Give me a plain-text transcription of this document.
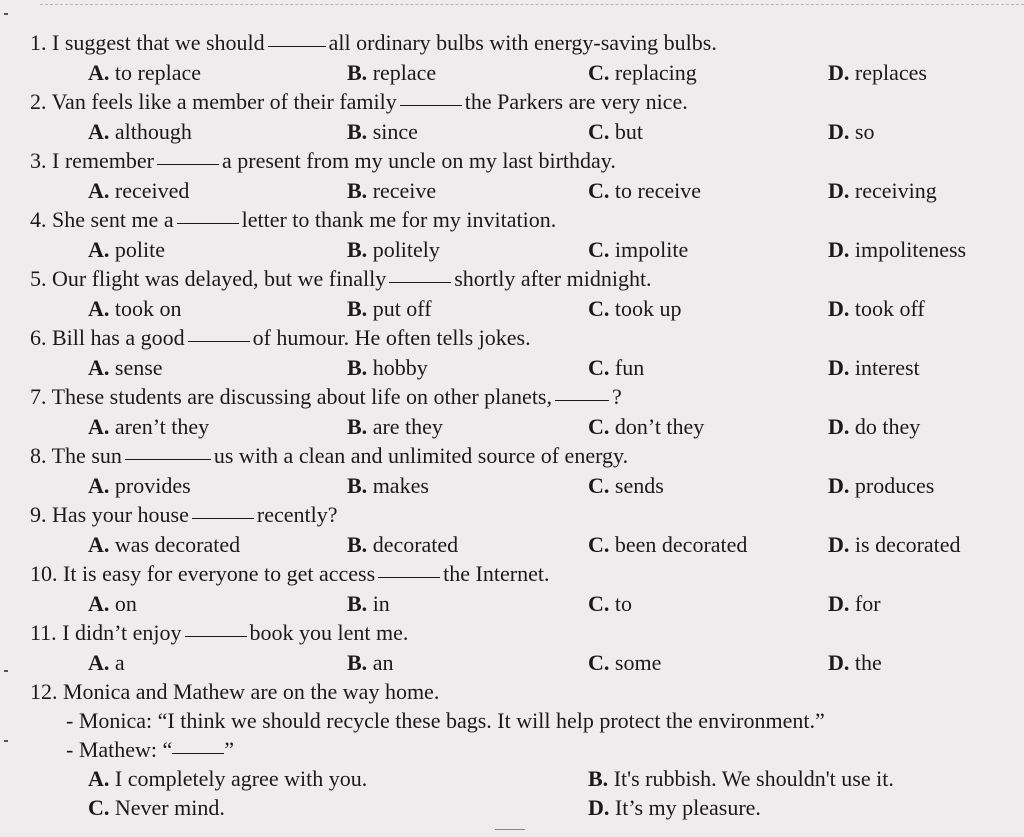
1. I suggest that we should	all ordinary bulbs with energy-saving bulbs.
A. to replace	B. replace	C. replacing	D. replaces
2. Van feels like a member of their family	the Parkers are very nice.
A. although	B. since	C. but	D. so
3. I remember	a present from my uncle on my last birthday.
A. received	B. receive	C. to receive	D. receiving
4. She sent me a	letter to thank me for my invitation.
A. polite	B. politely	C. impolite	D. impoliteness
5. Our flight was delayed, but we finally	shortly after midnight.
A. took on	B. put off	C. took up	D. took off
6. Bill has a good	of humour. He often tells jokes.
A. sense	B. hobby	C. fun	D. interest
7. These students are discussing about life on other planets,	?
A. aren’t they	B. are they	C. don’t they	D. do they
8. The sun	us with a clean and unlimited source of energy.
A. provides	B. makes	C. sends	D. produces
9. Has your house	recently?
A. was decorated	B. decorated	C. been decorated	D. is decorated
10. It is easy for everyone to get access	the Internet.
A. on	B. in	C. to	D. for
11. I didn’t enjoy	book you lent me.
A. a	B. an	C. some	D. the
12. Monica and Mathew are on the way home.
- Monica: “I think we should recycle these bags. It will help protect the environment.”
- Mathew: “ ”
A. I completely agree with you.	B. It's rubbish. We shouldn't use it.
C. Never mind.	D. It’s my pleasure.
